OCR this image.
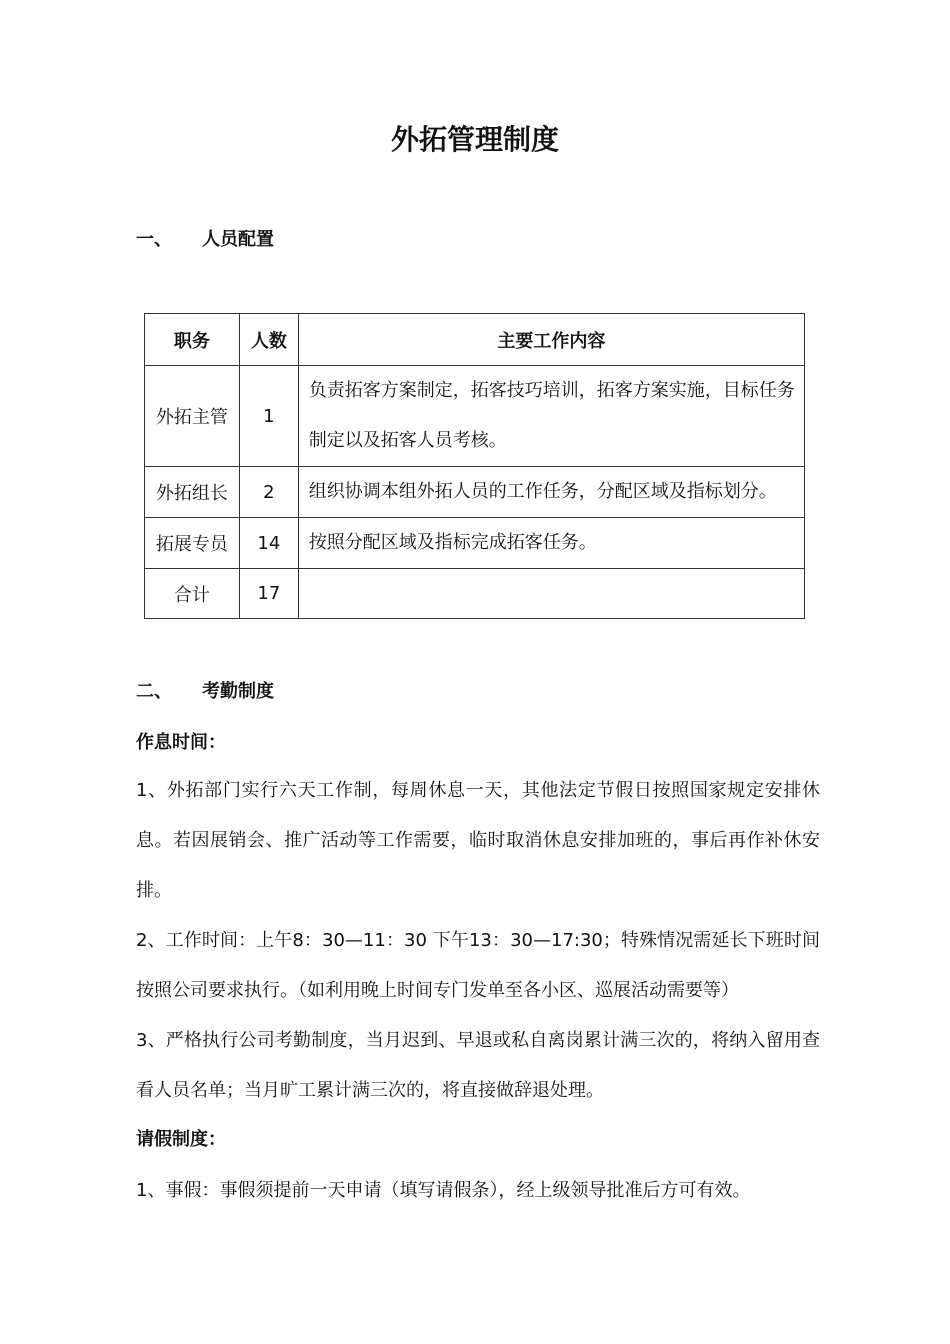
外拓管理制度
一、 人员配置
职务	人数	主要工作内容
外拓主管	1	负责拓客方案制定，拓客技巧培训，拓客方案实施，目标任务制定以及拓客人员考核。
外拓组长	2	组织协调本组外拓人员的工作任务，分配区域及指标划分。
拓展专员	14	按照分配区域及指标完成拓客任务。
合计	17	
二、 考勤制度
作息时间：
1、外拓部门实行六天工作制，每周休息一天，其他法定节假日按照国家规定安排休息。若因展销会、推广活动等工作需要，临时取消休息安排加班的，事后再作补休安排。
2、工作时间：上午8：30—11：30 下午13：30—17:30；特殊情况需延长下班时间按照公司要求执行。（如利用晚上时间专门发单至各小区、巡展活动需要等）
3、严格执行公司考勤制度，当月迟到、早退或私自离岗累计满三次的，将纳入留用查看人员名单；当月旷工累计满三次的，将直接做辞退处理。
请假制度：
1、事假：事假须提前一天申请（填写请假条），经上级领导批准后方可有效。
